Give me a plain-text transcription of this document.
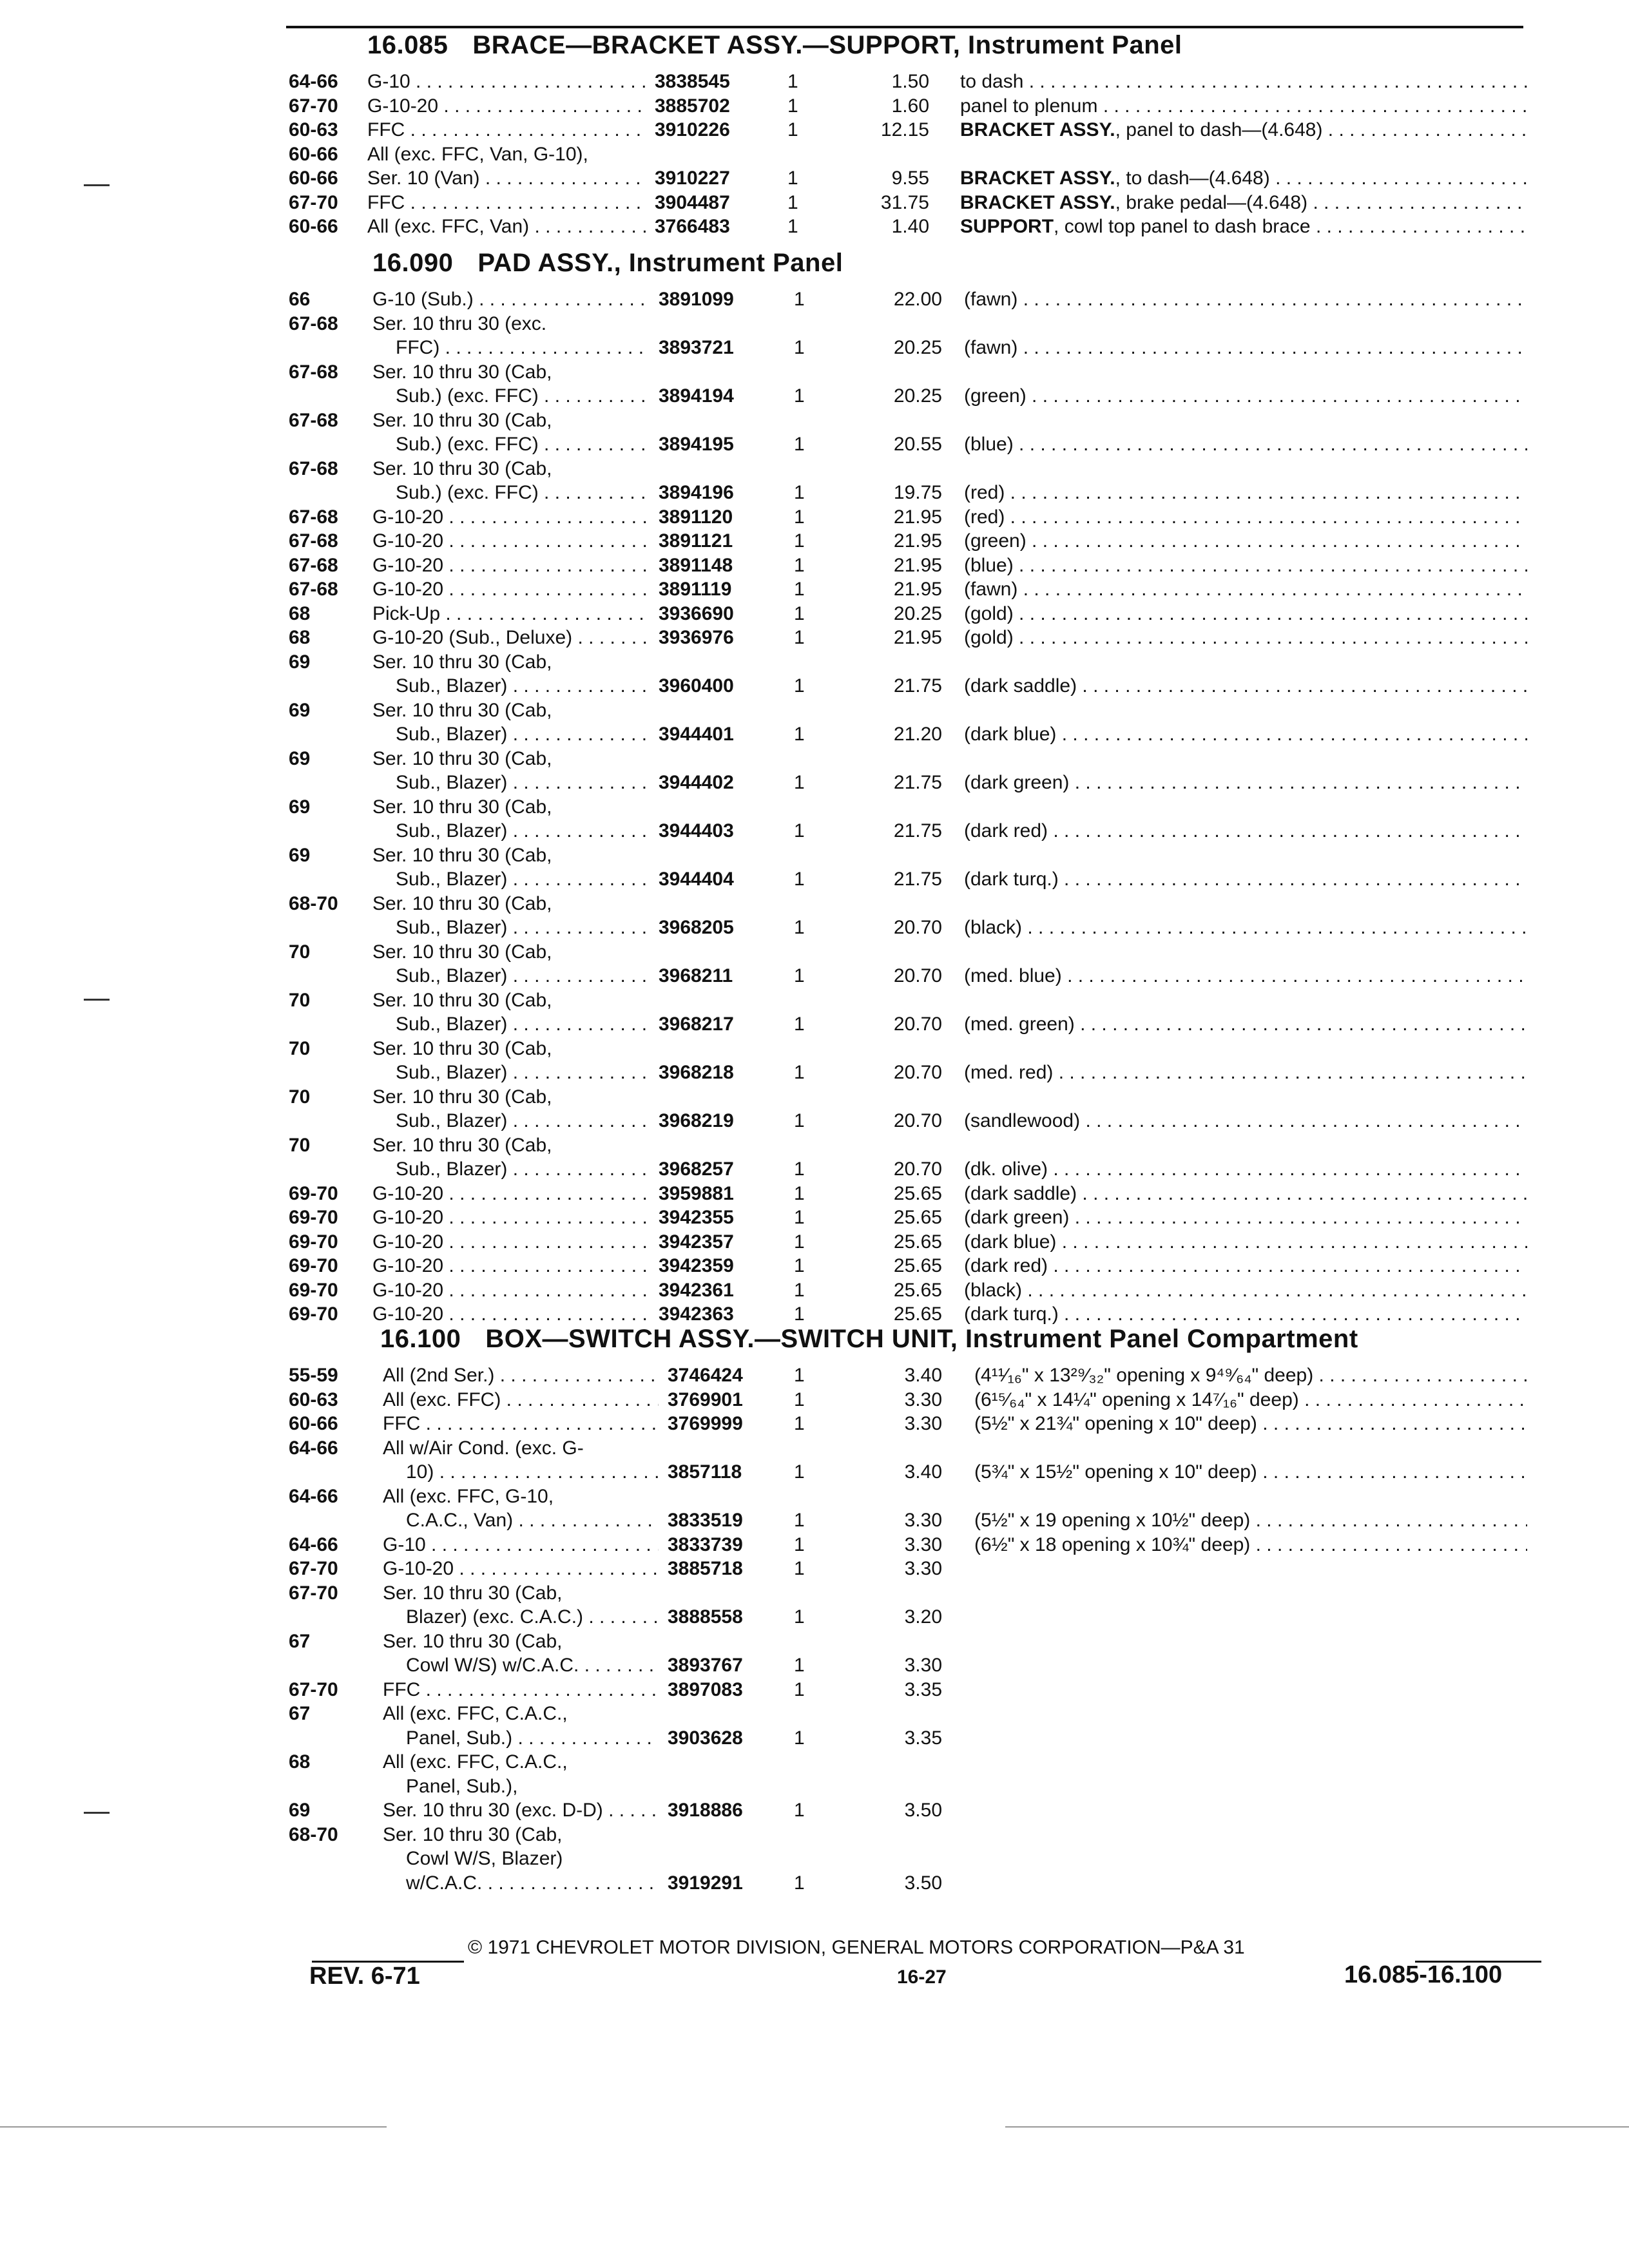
16.085 BRACE—BRACKET ASSY.—SUPPORT, Instrument Panel
64-66 G-10 . . .	3838545	1	1.50 to dash . . .
67-70 G-10-20 . . .	3885702	1	1.60 panel to plenum . . .
60-63 FFC . . .	3910226	1	12.15 BRACKET ASSY., panel to dash—(4.648) . . .
60-66 All (exc. FFC, Van, G-10),
60-66 Ser. 10 (Van) . . .	3910227	1	9.55 BRACKET ASSY., to dash—(4.648) . . .
67-70 FFC . . .	3904487	1	31.75 BRACKET ASSY., brake pedal—(4.648) . . .
60-66 All (exc. FFC, Van) . . .	3766483	1	1.40 SUPPORT, cowl top panel to dash brace . . .
16.090 PAD ASSY., Instrument Panel
66	G-10 (Sub.) . . .	3891099	1	22.00 (fawn) . . .
67-68 Ser. 10 thru 30 (exc.
FFC) . . .	3893721	1	20.25 (fawn) . . .
67-68 Ser. 10 thru 30 (Cab,
Sub.) (exc. FFC) . . .	3894194	1	20.25 (green) . . .
67-68 Ser. 10 thru 30 (Cab,
Sub.) (exc. FFC) . . .	3894195	1	20.55 (blue) . . .
67-68 Ser. 10 thru 30 (Cab,
Sub.) (exc. FFC) . . .	3894196	1	19.75 (red) . . .
67-68 G-10-20 . . .	3891120	1	21.95 (red) . . .
67-68 G-10-20 . . .	3891121	1	21.95 (green) . . .
67-68 G-10-20 . . .	3891148	1	21.95 (blue) . . .
67-68 G-10-20 . . .	3891119	1	21.95 (fawn) . . .
68	Pick-Up . . .	3936690	1	20.25 (gold) . . .
68	G-10-20 (Sub., Deluxe) . . .	3936976	1	21.95 (gold) . . .
69	Ser. 10 thru 30 (Cab,
Sub., Blazer) . . .	3960400	1	21.75 (dark saddle) . . .
69	Ser. 10 thru 30 (Cab,
Sub., Blazer) . . .	3944401	1	21.20 (dark blue) . . .
69	Ser. 10 thru 30 (Cab,
Sub., Blazer) . . .	3944402	1	21.75 (dark green) . . .
69	Ser. 10 thru 30 (Cab,
Sub., Blazer) . . .	3944403	1	21.75 (dark red) . . .
69	Ser. 10 thru 30 (Cab,
Sub., Blazer) . . .	3944404	1	21.75 (dark turq.) . . .
68-70 Ser. 10 thru 30 (Cab,
Sub., Blazer) . . .	3968205	1	20.70 (black) . . .
70	Ser. 10 thru 30 (Cab,
Sub., Blazer) . . .	3968211	1	20.70 (med. blue) . . .
70	Ser. 10 thru 30 (Cab,
Sub., Blazer) . . .	3968217	1	20.70 (med. green) . . .
70	Ser. 10 thru 30 (Cab,
Sub., Blazer) . . .	3968218	1	20.70 (med. red) . . .
70	Ser. 10 thru 30 (Cab,
Sub., Blazer) . . .	3968219	1	20.70 (sandlewood) . . .
70	Ser. 10 thru 30 (Cab,
Sub., Blazer) . . .	3968257	1	20.70 (dk. olive) . . .
69-70 G-10-20 . . .	3959881	1	25.65 (dark saddle) . . .
69-70 G-10-20 . . .	3942355	1	25.65 (dark green) . . .
69-70 G-10-20 . . .	3942357	1	25.65 (dark blue) . . .
69-70 G-10-20 . . .	3942359	1	25.65 (dark red) . . .
69-70 G-10-20 . . .	3942361	1	25.65 (black) . . .
69-70 G-10-20 . . .	3942363	1	25.65 (dark turq.) . . .
16.100 BOX—SWITCH ASSY.—SWITCH UNIT, Instrument Panel Compartment
55-59 All (2nd Ser.) . . .	3746424	1	3.40 (4¹¹⁄₁₆" x 13²⁹⁄₃₂" opening x 9⁴⁹⁄₆₄" deep) . . .
60-63 All (exc. FFC) . . .	3769901	1	3.30 (6¹⁵⁄₆₄" x 14¼" opening x 14⁷⁄₁₆" deep) . . .
60-66 FFC . . .	3769999	1	3.30 (5½" x 21¾" opening x 10" deep) . . .
64-66 All w/Air Cond. (exc. G-
10) . . .	3857118	1	3.40 (5¾" x 15½" opening x 10" deep) . . .
64-66 All (exc. FFC, G-10,
C.A.C., Van) . . .	3833519	1	3.30 (5½" x 19 opening x 10½" deep) . . .
64-66 G-10 . . .	3833739	1	3.30 (6½" x 18 opening x 10¾" deep) . . .
67-70 G-10-20 . . .	3885718	1	3.30
67-70 Ser. 10 thru 30 (Cab,
Blazer) (exc. C.A.C.) . . .	3888558	1	3.20
67	Ser. 10 thru 30 (Cab,
Cowl W/S) w/C.A.C. . . .	3893767	1	3.30
67-70 FFC . . .	3897083	1	3.35
67	All (exc. FFC, C.A.C.,
Panel, Sub.) . . .	3903628	1	3.35
68	All (exc. FFC, C.A.C.,
Panel, Sub.),
69	Ser. 10 thru 30 (exc. D-D) . . .	3918886	1	3.50
68-70 Ser. 10 thru 30 (Cab,
Cowl W/S, Blazer)
w/C.A.C. . . .	3919291	1	3.50
© 1971 CHEVROLET MOTOR DIVISION, GENERAL MOTORS CORPORATION—P&A 31
REV. 6-71	16-27	16.085-16.100
